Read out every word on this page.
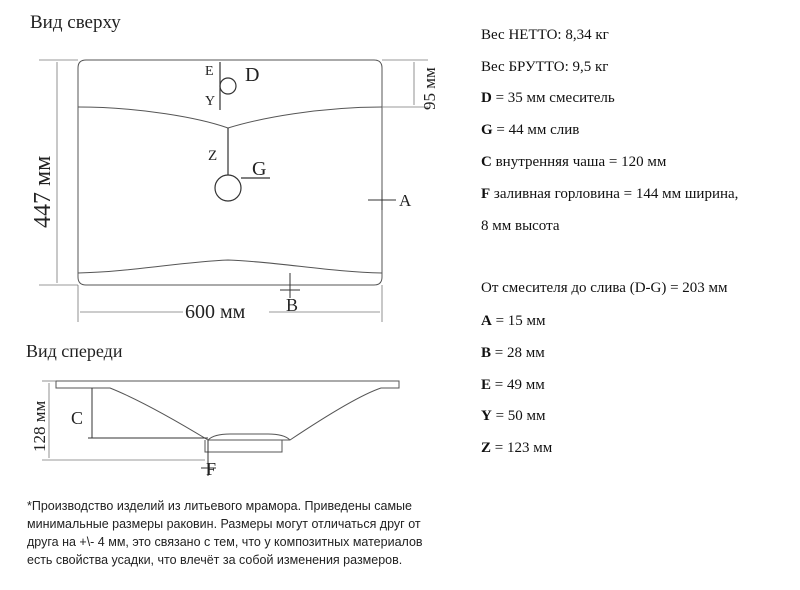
Вид сверху
447 мм
600 мм
95 мм
E D
Y
Z
G
A
B
Вид спереди
128 мм C
F
Вес НЕТТО: 8,34 кг
Вес БРУТТО: 9,5 кг
D = 35 мм смеситель
G = 44 мм слив
C внутренняя чаша = 120 мм
F заливная горловина = 144 мм ширина,
8 мм высота
От смесителя до слива (D-G) = 203 мм
A = 15 мм
B = 28 мм
E = 49 мм
Y = 50 мм
Z = 123 мм
*Производство изделий из литьевого мрамора. Приведены самые
минимальные размеры раковин. Размеры могут отличаться друг от
друга на +\- 4 мм, это связано с тем, что у композитных материалов
есть свойства усадки, что влечёт за собой изменения размеров.
